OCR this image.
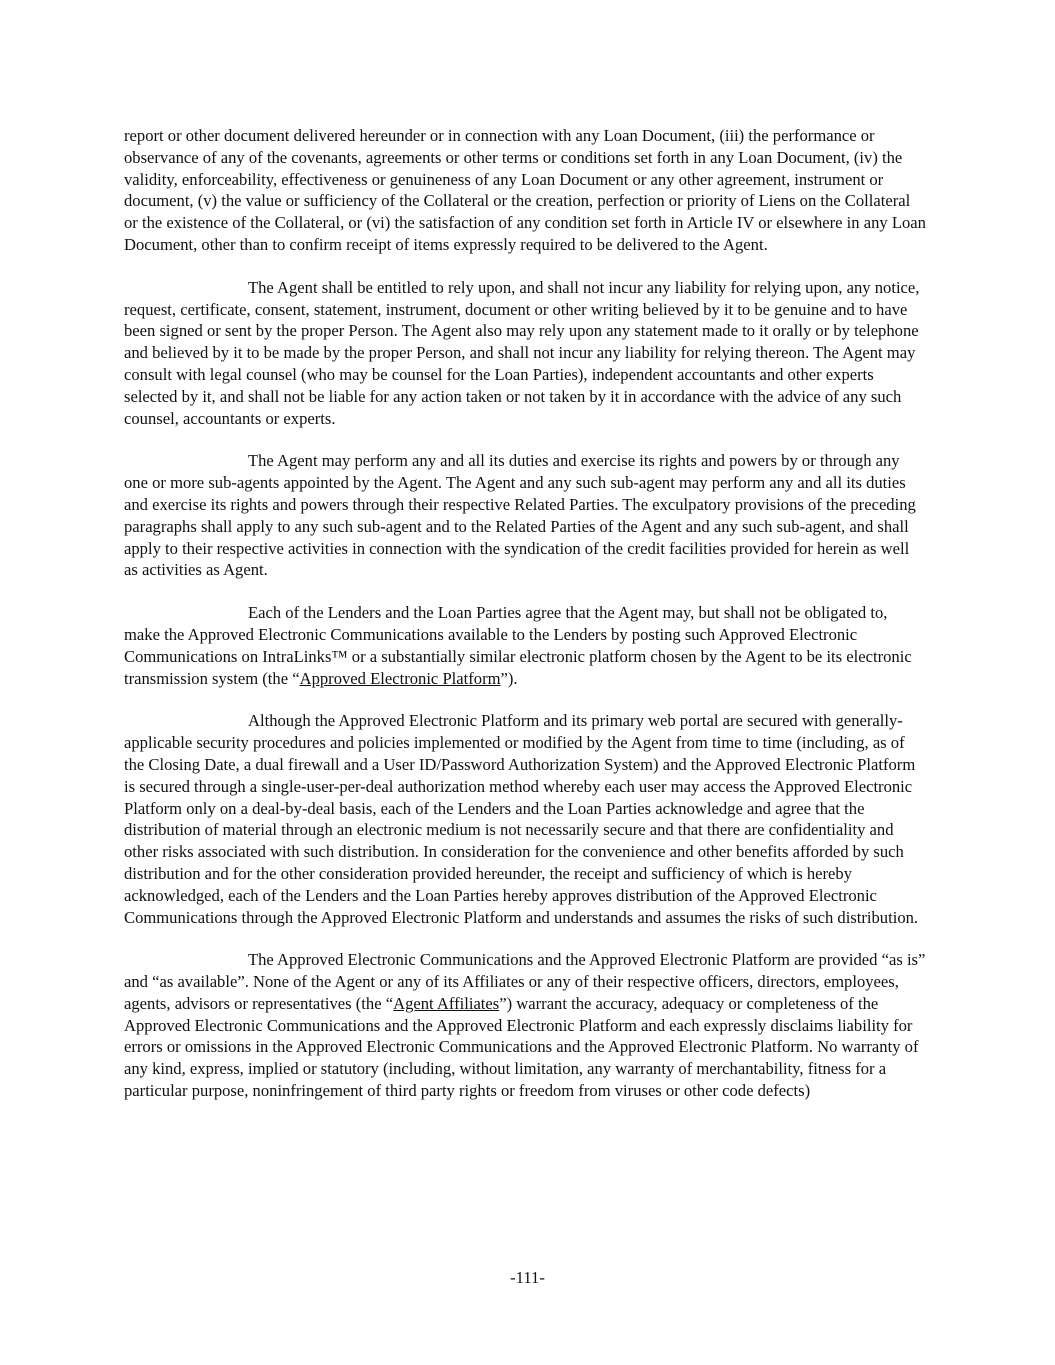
report or other document delivered hereunder or in connection with any Loan Document, (iii) the performance or observance of any of the covenants, agreements or other terms or conditions set forth in any Loan Document, (iv) the validity, enforceability, effectiveness or genuineness of any Loan Document or any other agreement, instrument or document, (v) the value or sufficiency of the Collateral or the creation, perfection or priority of Liens on the Collateral or the existence of the Collateral, or (vi) the satisfaction of any condition set forth in Article IV or elsewhere in any Loan Document, other than to confirm receipt of items expressly required to be delivered to the Agent.

The Agent shall be entitled to rely upon, and shall not incur any liability for relying upon, any notice, request, certificate, consent, statement, instrument, document or other writing believed by it to be genuine and to have been signed or sent by the proper Person. The Agent also may rely upon any statement made to it orally or by telephone and believed by it to be made by the proper Person, and shall not incur any liability for relying thereon. The Agent may consult with legal counsel (who may be counsel for the Loan Parties), independent accountants and other experts selected by it, and shall not be liable for any action taken or not taken by it in accordance with the advice of any such counsel, accountants or experts.

The Agent may perform any and all its duties and exercise its rights and powers by or through any one or more sub-agents appointed by the Agent. The Agent and any such sub-agent may perform any and all its duties and exercise its rights and powers through their respective Related Parties. The exculpatory provisions of the preceding paragraphs shall apply to any such sub-agent and to the Related Parties of the Agent and any such sub-agent, and shall apply to their respective activities in connection with the syndication of the credit facilities provided for herein as well as activities as Agent.

Each of the Lenders and the Loan Parties agree that the Agent may, but shall not be obligated to, make the Approved Electronic Communications available to the Lenders by posting such Approved Electronic Communications on IntraLinks™ or a substantially similar electronic platform chosen by the Agent to be its electronic transmission system (the “Approved Electronic Platform”).

Although the Approved Electronic Platform and its primary web portal are secured with generally-applicable security procedures and policies implemented or modified by the Agent from time to time (including, as of the Closing Date, a dual firewall and a User ID/Password Authorization System) and the Approved Electronic Platform is secured through a single-user-per-deal authorization method whereby each user may access the Approved Electronic Platform only on a deal-by-deal basis, each of the Lenders and the Loan Parties acknowledge and agree that the distribution of material through an electronic medium is not necessarily secure and that there are confidentiality and other risks associated with such distribution. In consideration for the convenience and other benefits afforded by such distribution and for the other consideration provided hereunder, the receipt and sufficiency of which is hereby acknowledged, each of the Lenders and the Loan Parties hereby approves distribution of the Approved Electronic Communications through the Approved Electronic Platform and understands and assumes the risks of such distribution.

The Approved Electronic Communications and the Approved Electronic Platform are provided “as is” and “as available”. None of the Agent or any of its Affiliates or any of their respective officers, directors, employees, agents, advisors or representatives (the “Agent Affiliates”) warrant the accuracy, adequacy or completeness of the Approved Electronic Communications and the Approved Electronic Platform and each expressly disclaims liability for errors or omissions in the Approved Electronic Communications and the Approved Electronic Platform. No warranty of any kind, express, implied or statutory (including, without limitation, any warranty of merchantability, fitness for a particular purpose, noninfringement of third party rights or freedom from viruses or other code defects)

-111-
